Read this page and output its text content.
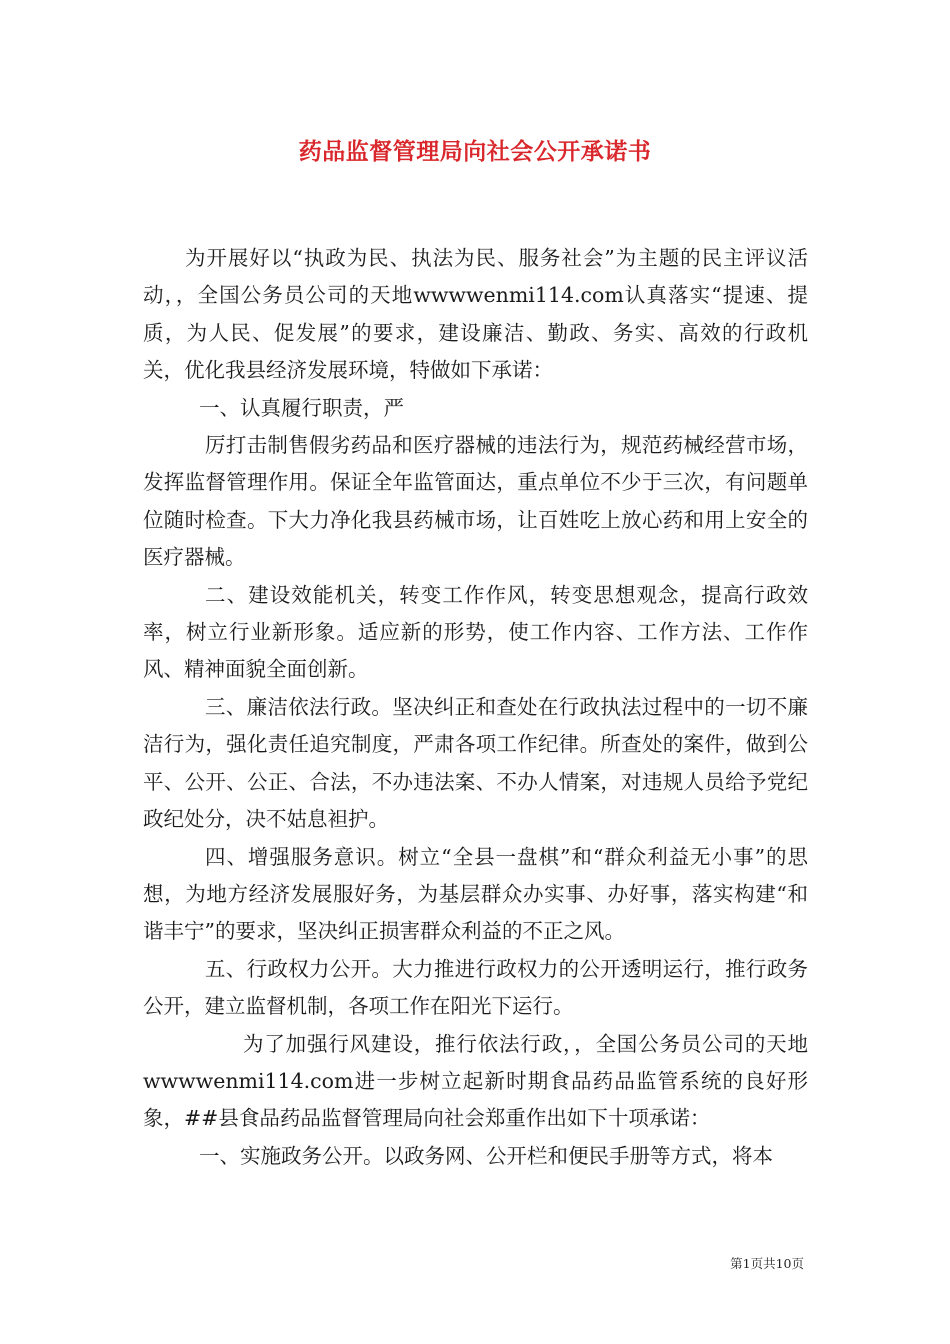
药品监督管理局向社会公开承诺书

为开展好以“执政为民、执法为民、服务社会”为主题的民主评议活动，，全国公务员公司的天地wwwwenmi114.com认真落实“提速、提质，为人民、促发展”的要求，建设廉洁、勤政、务实、高效的行政机关，优化我县经济发展环境，特做如下承诺：

一、认真履行职责，严

厉打击制售假劣药品和医疗器械的违法行为，规范药械经营市场，发挥监督管理作用。保证全年监管面达，重点单位不少于三次，有问题单位随时检查。下大力净化我县药械市场，让百姓吃上放心药和用上安全的医疗器械。

二、建设效能机关，转变工作作风，转变思想观念，提高行政效率，树立行业新形象。适应新的形势，使工作内容、工作方法、工作作风、精神面貌全面创新。

三、廉洁依法行政。坚决纠正和查处在行政执法过程中的一切不廉洁行为，强化责任追究制度，严肃各项工作纪律。所查处的案件，做到公平、公开、公正、合法，不办违法案、不办人情案，对违规人员给予党纪政纪处分，决不姑息袒护。

四、增强服务意识。树立“全县一盘棋”和“群众利益无小事”的思想，为地方经济发展服好务，为基层群众办实事、办好事，落实构建“和谐丰宁”的要求，坚决纠正损害群众利益的不正之风。

五、行政权力公开。大力推进行政权力的公开透明运行，推行政务公开，建立监督机制，各项工作在阳光下运行。

为了加强行风建设，推行依法行政，，全国公务员公司的天地wwwwenmi114.com进一步树立起新时期食品药品监管系统的良好形象，##县食品药品监督管理局向社会郑重作出如下十项承诺：

一、实施政务公开。以政务网、公开栏和便民手册等方式，将本

第1页共10页
